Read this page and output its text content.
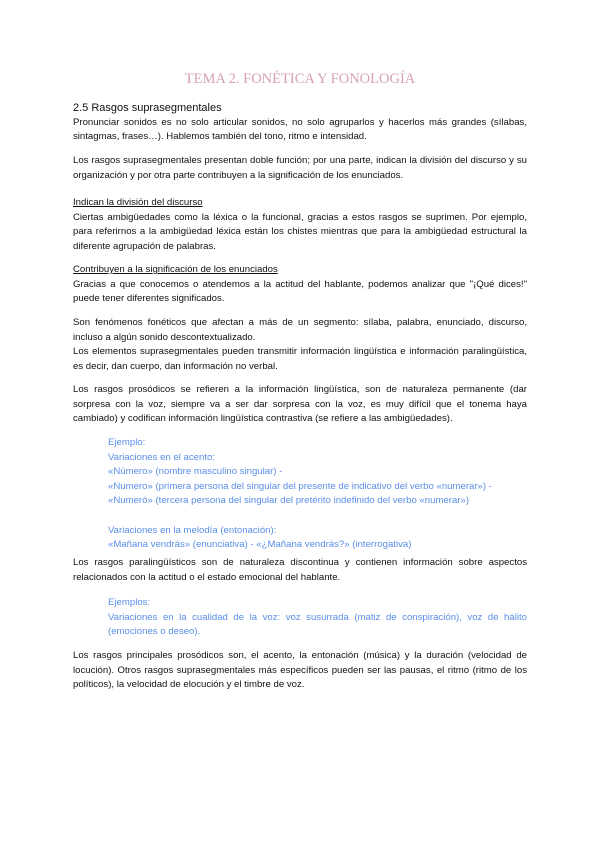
TEMA 2. FONÉTICA Y FONOLOGÍA

2.5 Rasgos suprasegmentales

Pronunciar sonidos es no solo articular sonidos, no solo agruparlos y hacerlos más grandes (sílabas, sintagmas, frases…). Hablemos también del tono, ritmo e intensidad.

Los rasgos suprasegmentales presentan doble función; por una parte, indican la división del discurso y su organización y por otra parte contribuyen a la significación de los enunciados.

Indican la división del discurso

Ciertas ambigüedades como la léxica o la funcional, gracias a estos rasgos se suprimen. Por ejemplo, para referirnos a la ambigüedad léxica están los chistes mientras que para la ambigüedad estructural la diferente agrupación de palabras.

Contribuyen a la significación de los enunciados

Gracias a que conocemos o atendemos a la actitud del hablante, podemos analizar que "¡Qué dices!" puede tener diferentes significados.

Son fenómenos fonéticos que afectan a más de un segmento: sílaba, palabra, enunciado, discurso, incluso a algún sonido descontextualizado.

Los elementos suprasegmentales pueden transmitir información lingüística e información paralingüística, es decir, dan cuerpo, dan información no verbal.

Los rasgos prosódicos se refieren a la información lingüística, son de naturaleza permanente (dar sorpresa con la voz, siempre va a ser dar sorpresa con la voz, es muy difícil que el tonema haya cambiado) y codifican información lingüística contrastiva (se refiere a las ambigüedades).

Ejemplo:

Variaciones en el acento:

«Número» (nombre masculino singular) -

«Numero» (primera persona del singular del presente de indicativo del verbo «numerar») -

«Numeró» (tercera persona del singular del pretérito indefinido del verbo «numerar»)

Variaciones en la melodía (entonación):

«Mañana vendrás» (enunciativa) - «¿Mañana vendrás?» (interrogativa)

Los rasgos paralingüísticos son de naturaleza discontinua y contienen información sobre aspectos relacionados con la actitud o el estado emocional del hablante.

Ejemplos:

Variaciones en la cualidad de la voz: voz susurrada (matiz de conspiración), voz de hálito (emociones o deseo).

Los rasgos principales prosódicos son, el acento, la entonación (música) y la duración (velocidad de locución). Otros rasgos suprasegmentales más específicos pueden ser las pausas, el ritmo (ritmo de los políticos), la velocidad de elocución y el timbre de voz.
